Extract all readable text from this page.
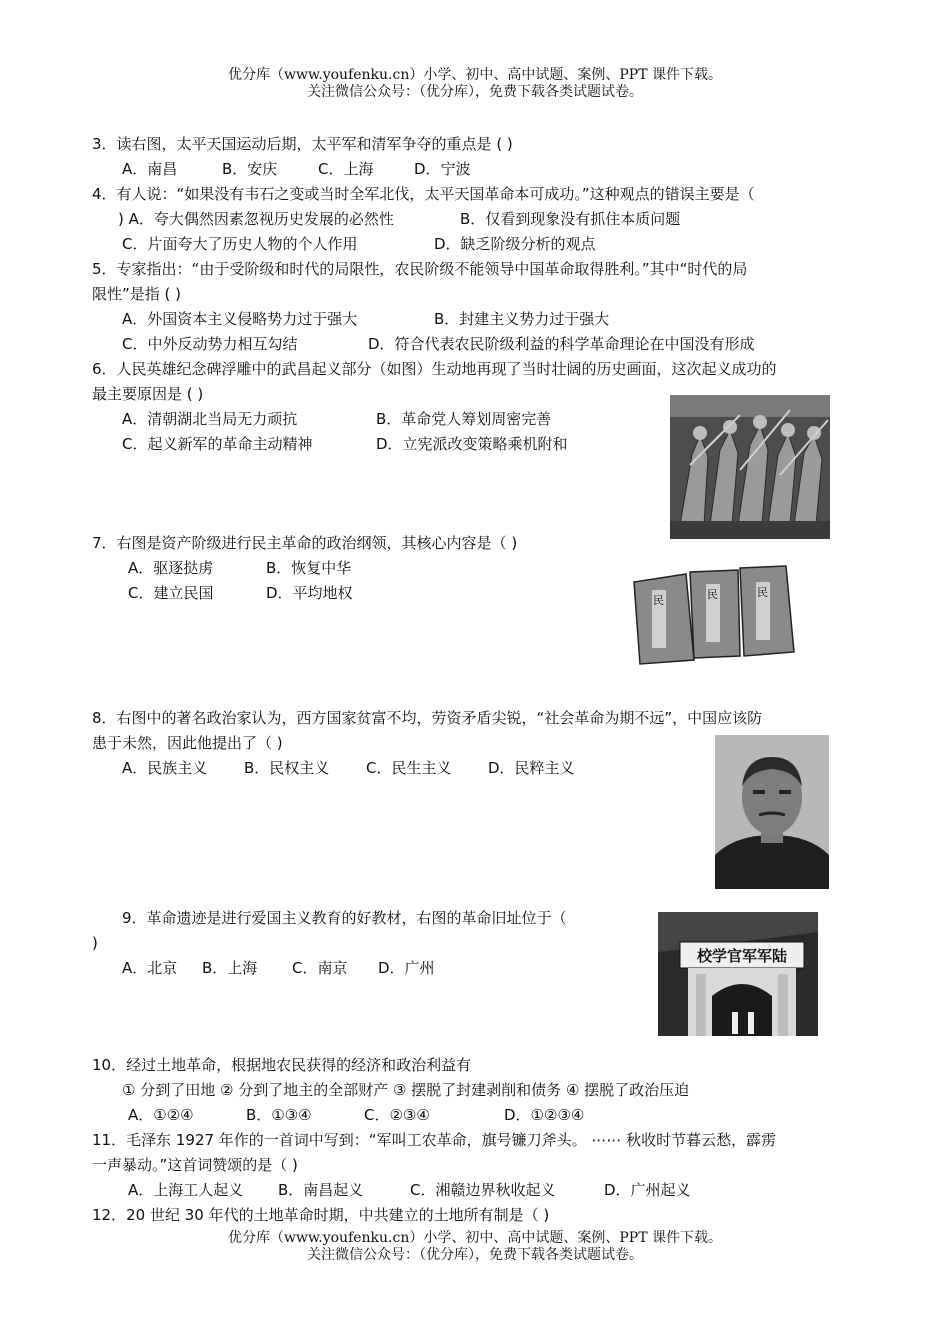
优分库（www.youfenku.cn）小学、初中、高中试题、案例、PPT 课件下载。
关注微信公众号：（优分库），免费下载各类试题试卷。
3．读右图，太平天国运动后期，太平军和清军争夺的重点是 ( )
A．南昌	B．安庆	C．上海	D．宁波
4．有人说：“如果没有韦石之变或当时全军北伐，太平天国革命本可成功。”这种观点的错误主要是（
) A．夸大偶然因素忽视历史发展的必然性	B．仅看到现象没有抓住本质问题
C．片面夸大了历史人物的个人作用	D．缺乏阶级分析的观点
5．专家指出：“由于受阶级和时代的局限性，农民阶级不能领导中国革命取得胜利。”其中“时代的局
限性”是指 ( )
A．外国资本主义侵略势力过于强大	B．封建主义势力过于强大
C．中外反动势力相互勾结	D．符合代表农民阶级利益的科学革命理论在中国没有形成
6．人民英雄纪念碑浮雕中的武昌起义部分（如图）生动地再现了当时壮阔的历史画面，这次起义成功的
最主要原因是 ( )
A．清朝湖北当局无力顽抗	B．革命党人筹划周密完善
C．起义新军的革命主动精神	D．立宪派改变策略乘机附和
7．右图是资产阶级进行民主革命的政治纲领，其核心内容是（ )
A．驱逐挞虏	B．恢复中华
C．建立民国	D．平均地权	民	民	民
8．右图中的著名政治家认为，西方国家贫富不均，劳资矛盾尖锐，“社会革命为期不远”，中国应该防
患于未然，因此他提出了（ )
A．民族主义 B．民权主义 C．民生主义 D．民粹主义
9．革命遗迹是进行爱国主义教育的好教材，右图的革命旧址位于（
)
A．北京 B．上海 C．南京 D．广州
校学官军军陆
10．经过土地革命，根据地农民获得的经济和政治利益有
① 分到了田地 ② 分到了地主的全部财产 ③ 摆脱了封建剥削和债务 ④ 摆脱了政治压迫
A．①②④	B．①③④	C．②③④	D．①②③④
11．毛泽东 1927 年作的一首词中写到：“军叫工农革命，旗号镰刀斧头。 ⋯⋯ 秋收时节暮云愁，霹雳
一声暴动。”这首词赞颂的是（ )
A．上海工人起义 B．南昌起义	C．湘赣边界秋收起义	D．广州起义
12．20 世纪 30 年代的土地革命时期，中共建立的土地所有制是（ )
优分库（www.youfenku.cn）小学、初中、高中试题、案例、PPT 课件下载。
关注微信公众号：（优分库），免费下载各类试题试卷。
